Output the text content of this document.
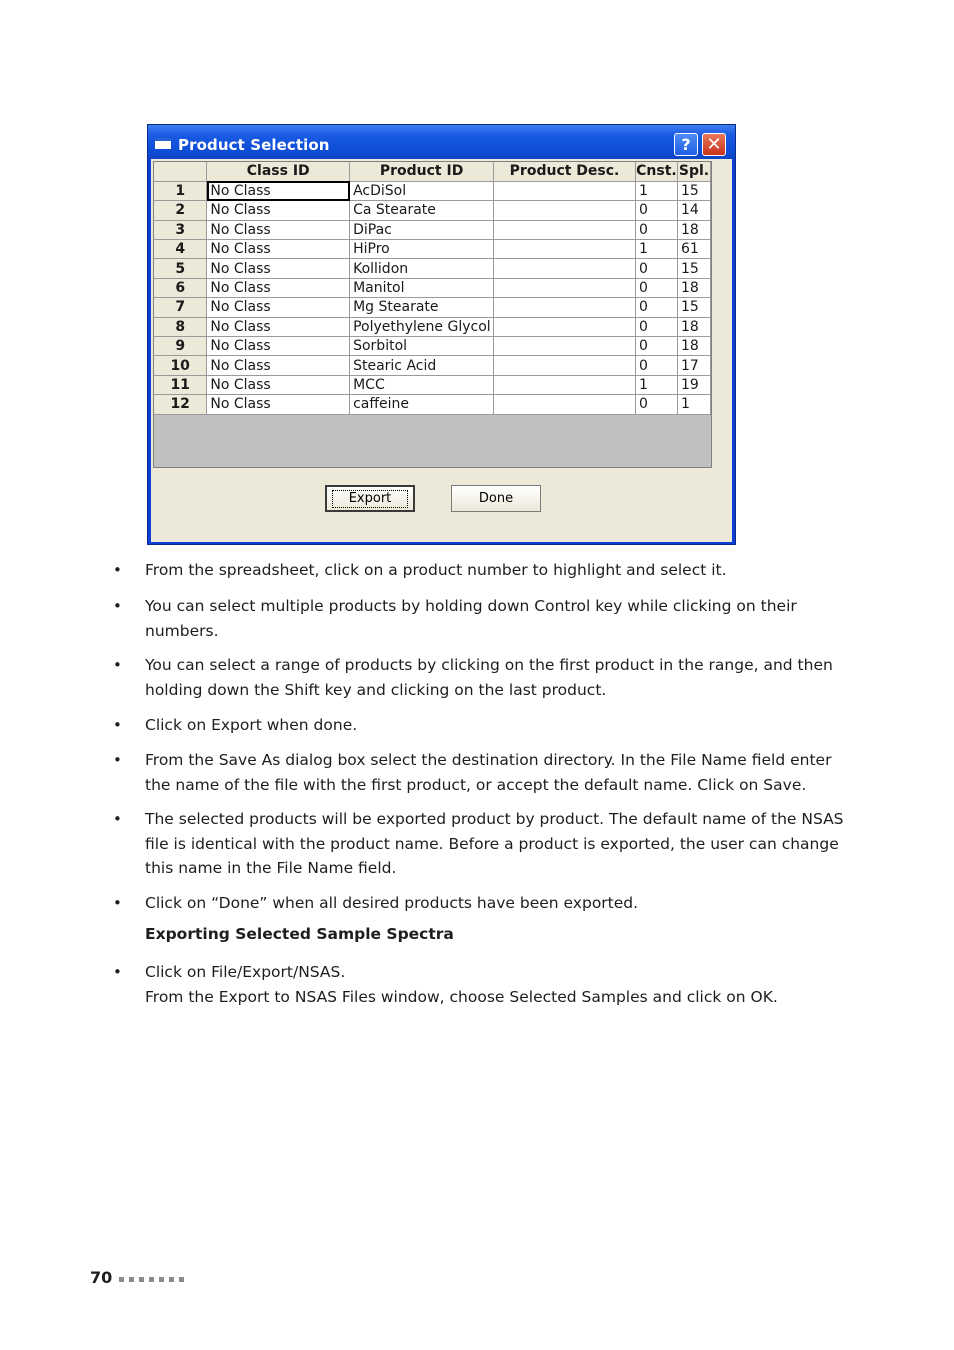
Product Selection	? ✕
	Class ID	Product ID	Product Desc.	Cnst.	Spl.
1	No Class	AcDiSol		1	15
2	No Class	Ca Stearate		0	14
3	No Class	DiPac		0	18
4	No Class	HiPro		1	61
5	No Class	Kollidon		0	15
6	No Class	Manitol		0	18
7	No Class	Mg Stearate		0	15
8	No Class	Polyethylene Glycol		0	18
9	No Class	Sorbitol		0	18
10	No Class	Stearic Acid		0	17
11	No Class	MCC		1	19
12	No Class	caffeine		0	1
Export	Done
• From the spreadsheet, click on a product number to highlight and select it.
• You can select multiple products by holding down Control key while clicking on their numbers.
• You can select a range of products by clicking on the first product in the range, and then holding down the Shift key and clicking on the last product.
• Click on Export when done.
• From the Save As dialog box select the destination directory. In the File Name field enter the name of the file with the first product, or accept the default name. Click on Save.
• The selected products will be exported product by product. The default name of the NSAS file is identical with the product name. Before a product is exported, the user can change this name in the File Name field.
• Click on “Done” when all desired products have been exported.
Exporting Selected Sample Spectra
• Click on File/Export/NSAS.
From the Export to NSAS Files window, choose Selected Samples and click on OK.
70
